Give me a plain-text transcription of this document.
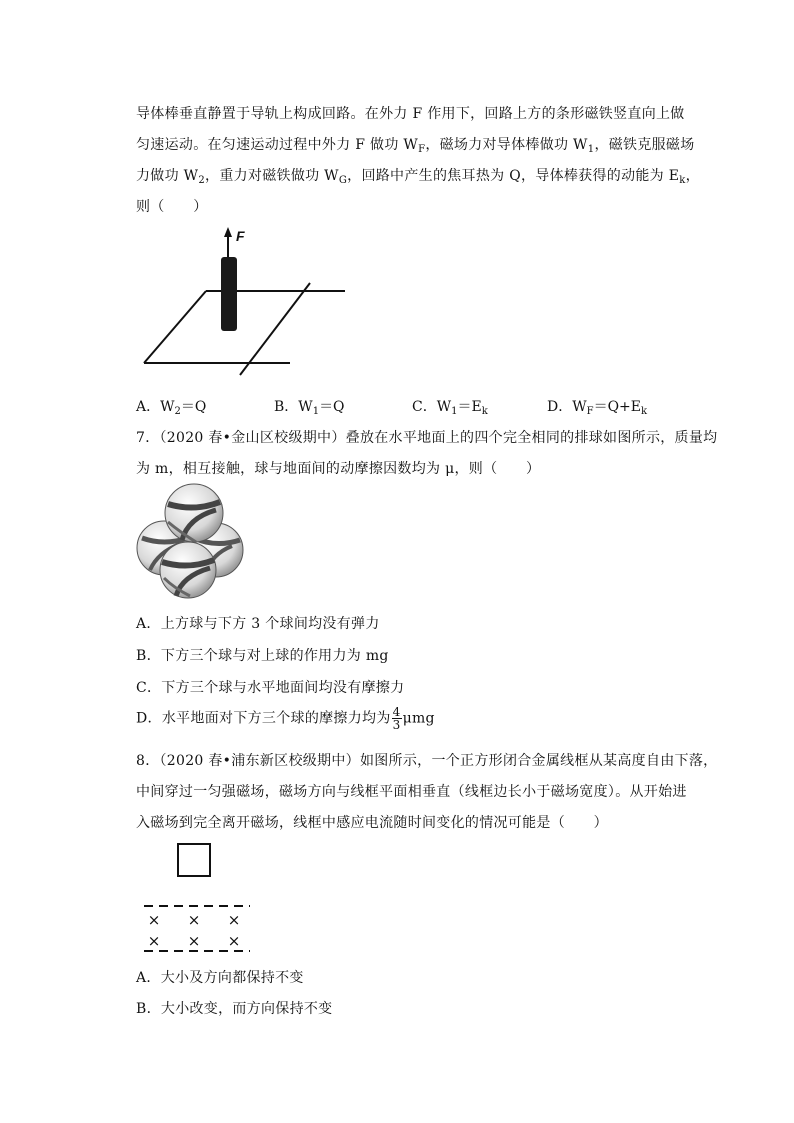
导体棒垂直静置于导轨上构成回路。在外力 F 作用下，回路上方的条形磁铁竖直向上做
匀速运动。在匀速运动过程中外力 F 做功 $W_F$，磁场力对导体棒做功 $W_1$，磁铁克服磁场
力做功 $W_2$，重力对磁铁做功 $W_G$，回路中产生的焦耳热为 Q，导体棒获得的动能为 $E_k$，
则（　　）
F
A．$W_2=Q$	B．$W_1=Q$	C．$W_1=E_k$	D．$W_F=Q+E_k$
7．（2020 春•金山区校级期中）叠放在水平地面上的四个完全相同的排球如图所示，质量均
为 m，相互接触，球与地面间的动摩擦因数均为 μ，则（　　）
A．上方球与下方 3 个球间均没有弹力
B．下方三个球与对上球的作用力为 mg
C．下方三个球与水平地面间均没有摩擦力
D．水平地面对下方三个球的摩擦力均为 $\frac{4}{3}$ μmg
8．（2020 春•浦东新区校级期中）如图所示，一个正方形闭合金属线框从某高度自由下落，
中间穿过一匀强磁场，磁场方向与线框平面相垂直（线框边长小于磁场宽度）。从开始进
入磁场到完全离开磁场，线框中感应电流随时间变化的情况可能是（　　）
× × ×
× × ×
A．大小及方向都保持不变
B．大小改变，而方向保持不变
